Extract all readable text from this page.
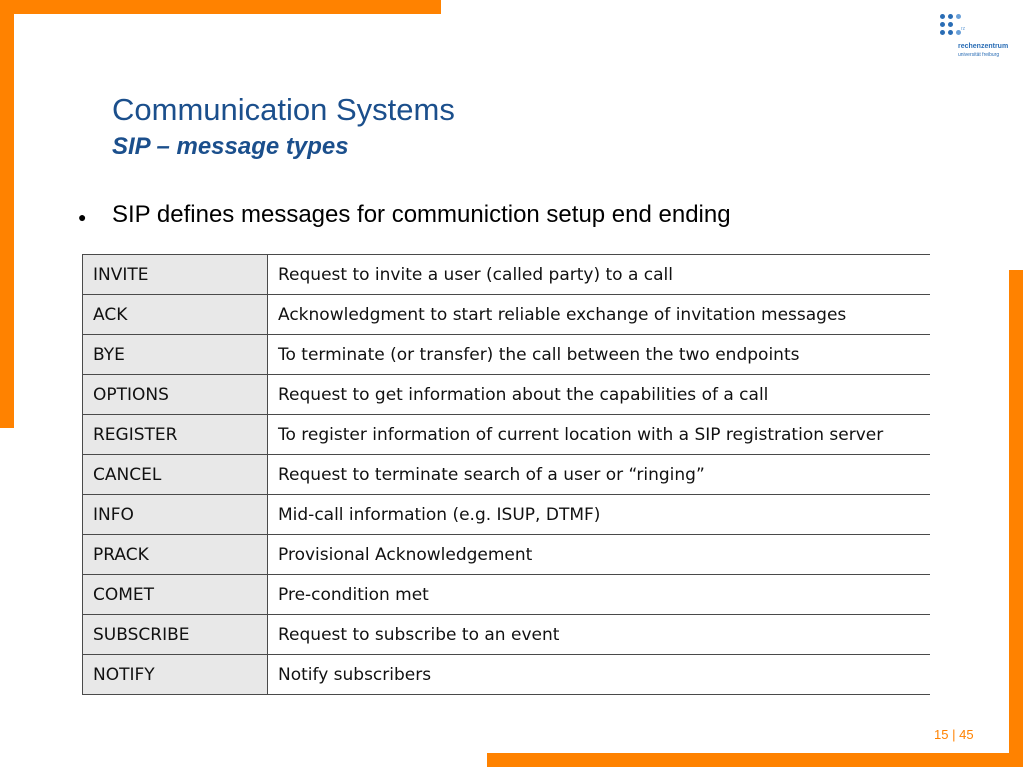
rz
rechenzentrum
universität freiburg
Communication Systems
SIP – message types
●	SIP defines messages for communiction setup end ending
INVITE	Request to invite a user (called party) to a call
ACK	Acknowledgment to start reliable exchange of invitation messages
BYE	To terminate (or transfer) the call between the two endpoints
OPTIONS	Request to get information about the capabilities of a call
REGISTER	To register information of current location with a SIP registration server
CANCEL	Request to terminate search of a user or “ringing”
INFO	Mid-call information (e.g. ISUP, DTMF)
PRACK	Provisional Acknowledgement
COMET	Pre-condition met
SUBSCRIBE	Request to subscribe to an event
NOTIFY	Notify subscribers
15 | 45
